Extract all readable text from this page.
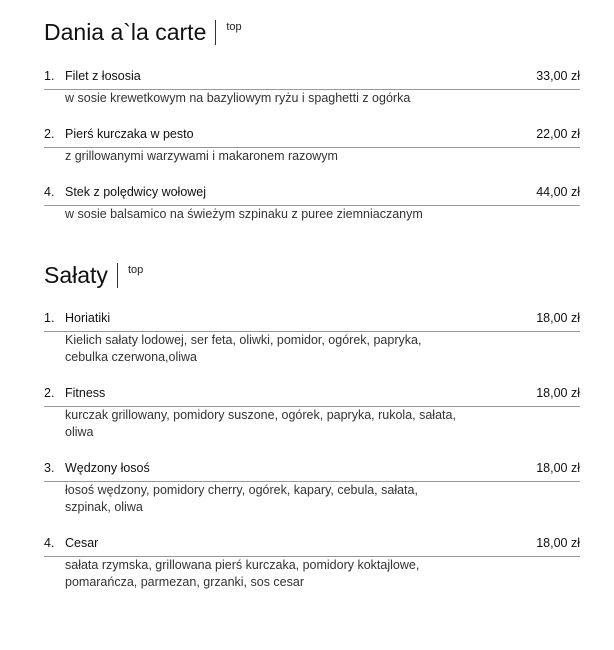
Dania a`la carte top
1. Filet z łososia	33,00 zł
w sosie krewetkowym na bazyliowym ryżu i spaghetti z ogórka
2. Pierś kurczaka w pesto	22,00 zł
z grillowanymi warzywami i makaronem razowym
4. Stek z polędwicy wołowej	44,00 zł
w sosie balsamico na świeżym szpinaku z puree ziemniaczanym
Sałaty top
1. Horiatiki	18,00 zł
Kielich sałaty lodowej, ser feta, oliwki, pomidor, ogórek, papryka, cebulka czerwona,oliwa
2. Fitness	18,00 zł
kurczak grillowany, pomidory suszone, ogórek, papryka, rukola, sałata, oliwa
3. Wędzony łosoś	18,00 zł
łosoś wędzony, pomidory cherry, ogórek, kapary, cebula, sałata, szpinak, oliwa
4. Cesar	18,00 zł
sałata rzymska, grillowana pierś kurczaka, pomidory koktajlowe, pomarańcza, parmezan, grzanki, sos cesar
